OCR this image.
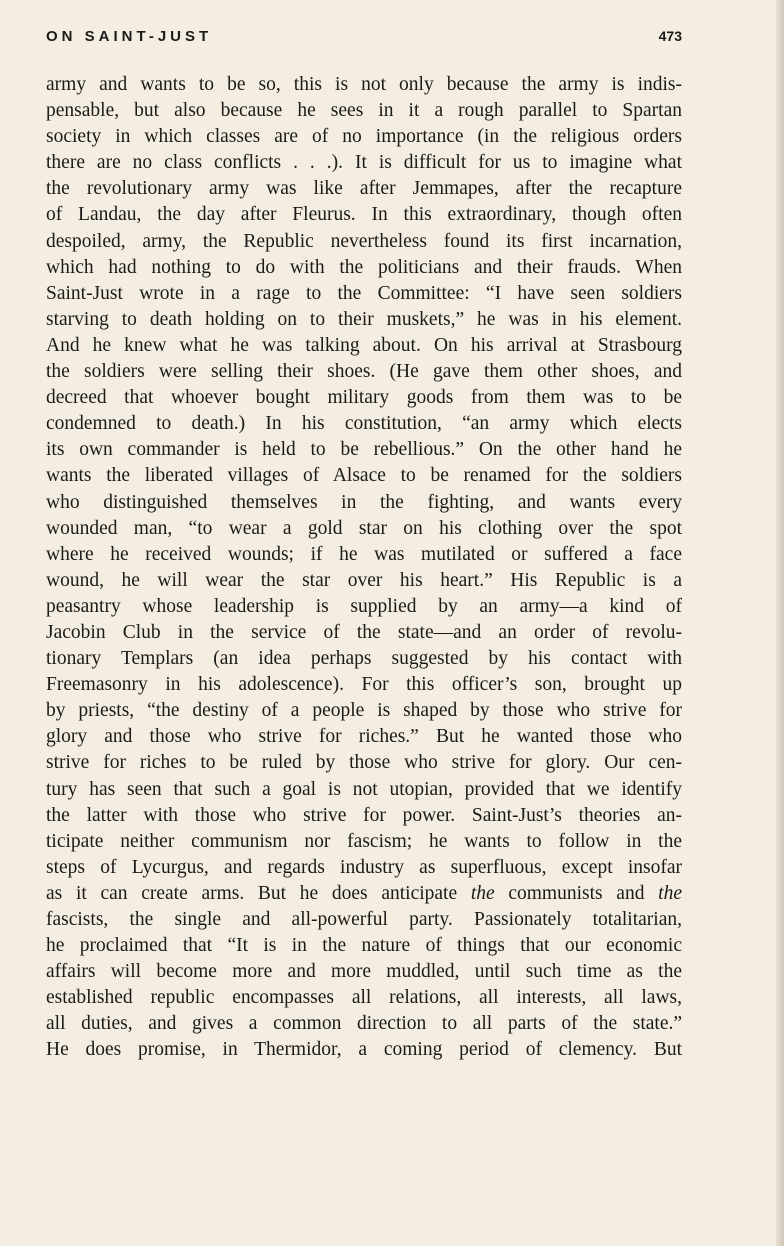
ON SAINT-JUST	473
army and wants to be so, this is not only because the army is indis-
pensable, but also because he sees in it a rough parallel to Spartan
society in which classes are of no importance (in the religious orders
there are no class conflicts . . .). It is difficult for us to imagine what
the revolutionary army was like after Jemmapes, after the recapture
of Landau, the day after Fleurus. In this extraordinary, though often
despoiled, army, the Republic nevertheless found its first incarnation,
which had nothing to do with the politicians and their frauds. When
Saint-Just wrote in a rage to the Committee: “I have seen soldiers
starving to death holding on to their muskets,” he was in his element.
And he knew what he was talking about. On his arrival at Strasbourg
the soldiers were selling their shoes. (He gave them other shoes, and
decreed that whoever bought military goods from them was to be
condemned to death.) In his constitution, “an army which elects
its own commander is held to be rebellious.” On the other hand he
wants the liberated villages of Alsace to be renamed for the soldiers
who distinguished themselves in the fighting, and wants every
wounded man, “to wear a gold star on his clothing over the spot
where he received wounds; if he was mutilated or suffered a face
wound, he will wear the star over his heart.” His Republic is a
peasantry whose leadership is supplied by an army—a kind of
Jacobin Club in the service of the state—and an order of revolu-
tionary Templars (an idea perhaps suggested by his contact with
Freemasonry in his adolescence). For this officer’s son, brought up
by priests, “the destiny of a people is shaped by those who strive for
glory and those who strive for riches.” But he wanted those who
strive for riches to be ruled by those who strive for glory. Our cen-
tury has seen that such a goal is not utopian, provided that we identify
the latter with those who strive for power. Saint-Just’s theories an-
ticipate neither communism nor fascism; he wants to follow in the
steps of Lycurgus, and regards industry as superfluous, except insofar
as it can create arms. But he does anticipate the communists and the
fascists, the single and all-powerful party. Passionately totalitarian,
he proclaimed that “It is in the nature of things that our economic
affairs will become more and more muddled, until such time as the
established republic encompasses all relations, all interests, all laws,
all duties, and gives a common direction to all parts of the state.”
He does promise, in Thermidor, a coming period of clemency. But
